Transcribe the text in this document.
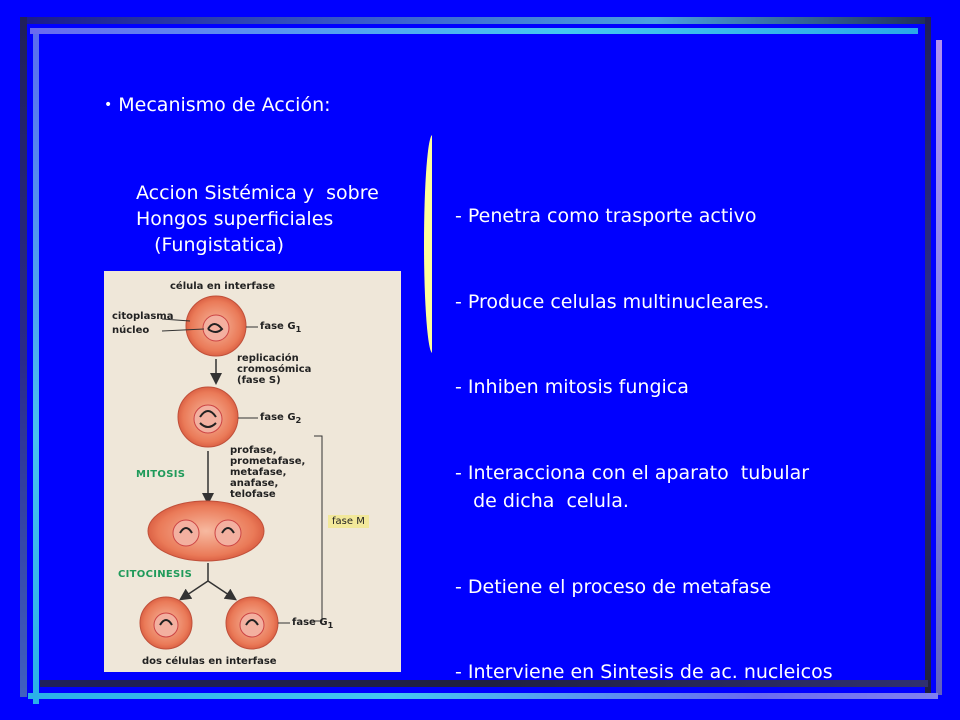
• Mecanismo de Acción:
Accion Sistémica y  sobre
Hongos superficiales
(Fungistatica)

- Penetra como trasporte activo

- Produce celulas multinucleares.

- Inhiben mitosis fungica

- Interacciona con el aparato  tubular
de dicha  celula.

- Detiene el proceso de metafase

- Interviene en Sintesis de ac. nucleicos

célula en interfase
citoplasma
núcleo	fase $G_1$
replicación
cromosómica
(fase S)
fase $G_2$
profase,
prometafase,
metafase,
anafase,
telofase
MITOSIS
fase M
CITOCINESIS
fase $G_1$
dos células en interfase
